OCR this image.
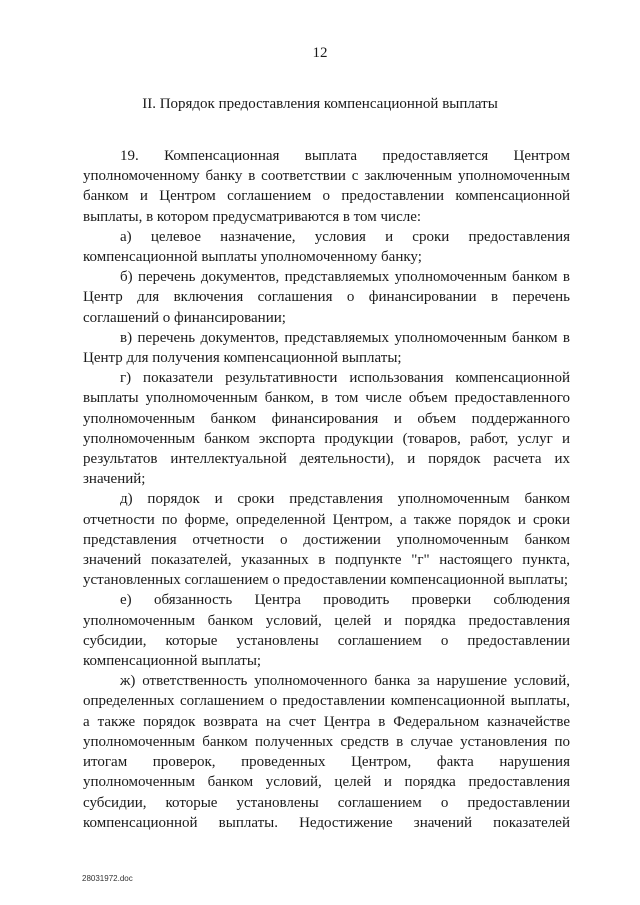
12
II. Порядок предоставления компенсационной выплаты

19. Компенсационная выплата предоставляется Центром уполномоченному банку в соответствии с заключенным уполномоченным банком и Центром соглашением о предоставлении компенсационной выплаты, в котором предусматриваются в том числе:

а) целевое назначение, условия и сроки предоставления компенсационной выплаты уполномоченному банку;

б) перечень документов, представляемых уполномоченным банком в Центр для включения соглашения о финансировании в перечень соглашений о финансировании;

в) перечень документов, представляемых уполномоченным банком в Центр для получения компенсационной выплаты;

г) показатели результативности использования компенсационной выплаты уполномоченным банком, в том числе объем предоставленного уполномоченным банком финансирования и объем поддержанного уполномоченным банком экспорта продукции (товаров, работ, услуг и результатов интеллектуальной деятельности), и порядок расчета их значений;

д) порядок и сроки представления уполномоченным банком отчетности по форме, определенной Центром, а также порядок и сроки представления отчетности о достижении уполномоченным банком значений показателей, указанных в подпункте "г" настоящего пункта, установленных соглашением о предоставлении компенсационной выплаты;

е) обязанность Центра проводить проверки соблюдения уполномоченным банком условий, целей и порядка предоставления субсидии, которые установлены соглашением о предоставлении компенсационной выплаты;

ж) ответственность уполномоченного банка за нарушение условий, определенных соглашением о предоставлении компенсационной выплаты, а также порядок возврата на счет Центра в Федеральном казначействе уполномоченным банком полученных средств в случае установления по итогам проверок, проведенных Центром, факта нарушения уполномоченным банком условий, целей и порядка предоставления субсидии, которые установлены соглашением о предоставлении компенсационной выплаты. Недостижение значений показателей

28031972.doc
